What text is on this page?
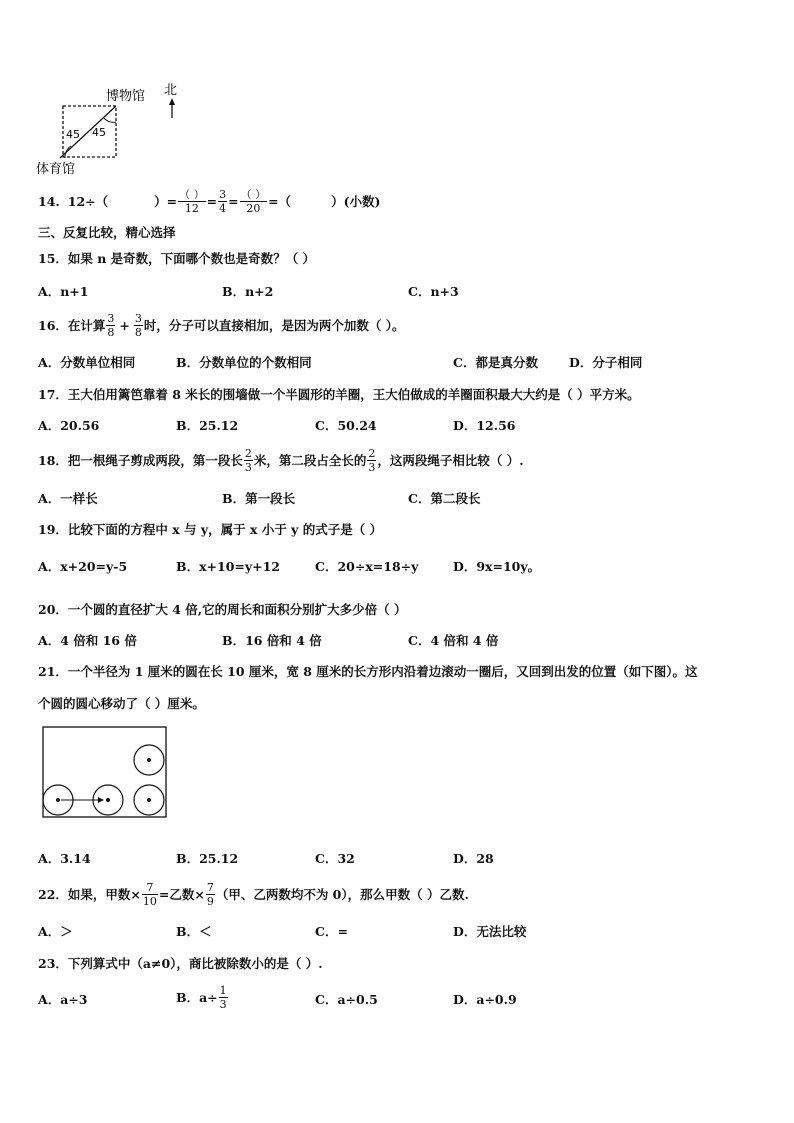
45 45
博物馆 北
体育馆
14. 12÷（	）= $\frac{( )}{12} = \frac{3}{4} = \frac{( )}{20}$ =（	）(小数)
三、反复比较，精心选择
15．如果 n 是奇数，下面哪个数也是奇数？（ ）
A．n+1	B．n+2	C．n+3
16．在计算 $\frac{3}{8} + \frac{3}{8}$ 时，分子可以直接相加，是因为两个加数（ ）。
A．分数单位相同	B．分数单位的个数相同	C．都是真分数 D．分子相同
17．王大伯用篱笆靠着 8 米长的围墙做一个半圆形的羊圈，王大伯做成的羊圈面积最大大约是（ ）平方米。
A．20.56	B．25.12	C．50.24	D．12.56
18．把一根绳子剪成两段，第一段长 $\frac{2}{3}$ 米，第二段占全长的 $\frac{2}{3}$ ，这两段绳子相比较（ ）.
A．一样长	B．第一段长	C．第二段长
19．比较下面的方程中 x 与 y，属于 x 小于 y 的式子是（ ）
A．x+20=y-5	B．x+10=y+12	C．20÷x=18÷y	D．9x=10y。
20．一个圆的直径扩大 4 倍,它的周长和面积分别扩大多少倍（ ）
A．4 倍和 16 倍	B．16 倍和 4 倍	C．4 倍和 4 倍
21．一个半径为 1 厘米的圆在长 10 厘米，宽 8 厘米的长方形内沿着边滚动一圈后，又回到出发的位置（如下图）。这
个圆的圆心移动了（ ）厘米。
A．3.14	B．25.12	C．32	D．28
22．如果，甲数× $\frac{7}{10}$ =乙数× $\frac{7}{9}$ （甲、乙两数均不为 0），那么甲数（ ）乙数.
A．＞	B．＜	C．=	D．无法比较
23．下列算式中（a≠0），商比被除数小的是（ ）.
A．a÷3	B．$a\div \frac{1}{3}$	C．a÷0.5	D．a÷0.9
